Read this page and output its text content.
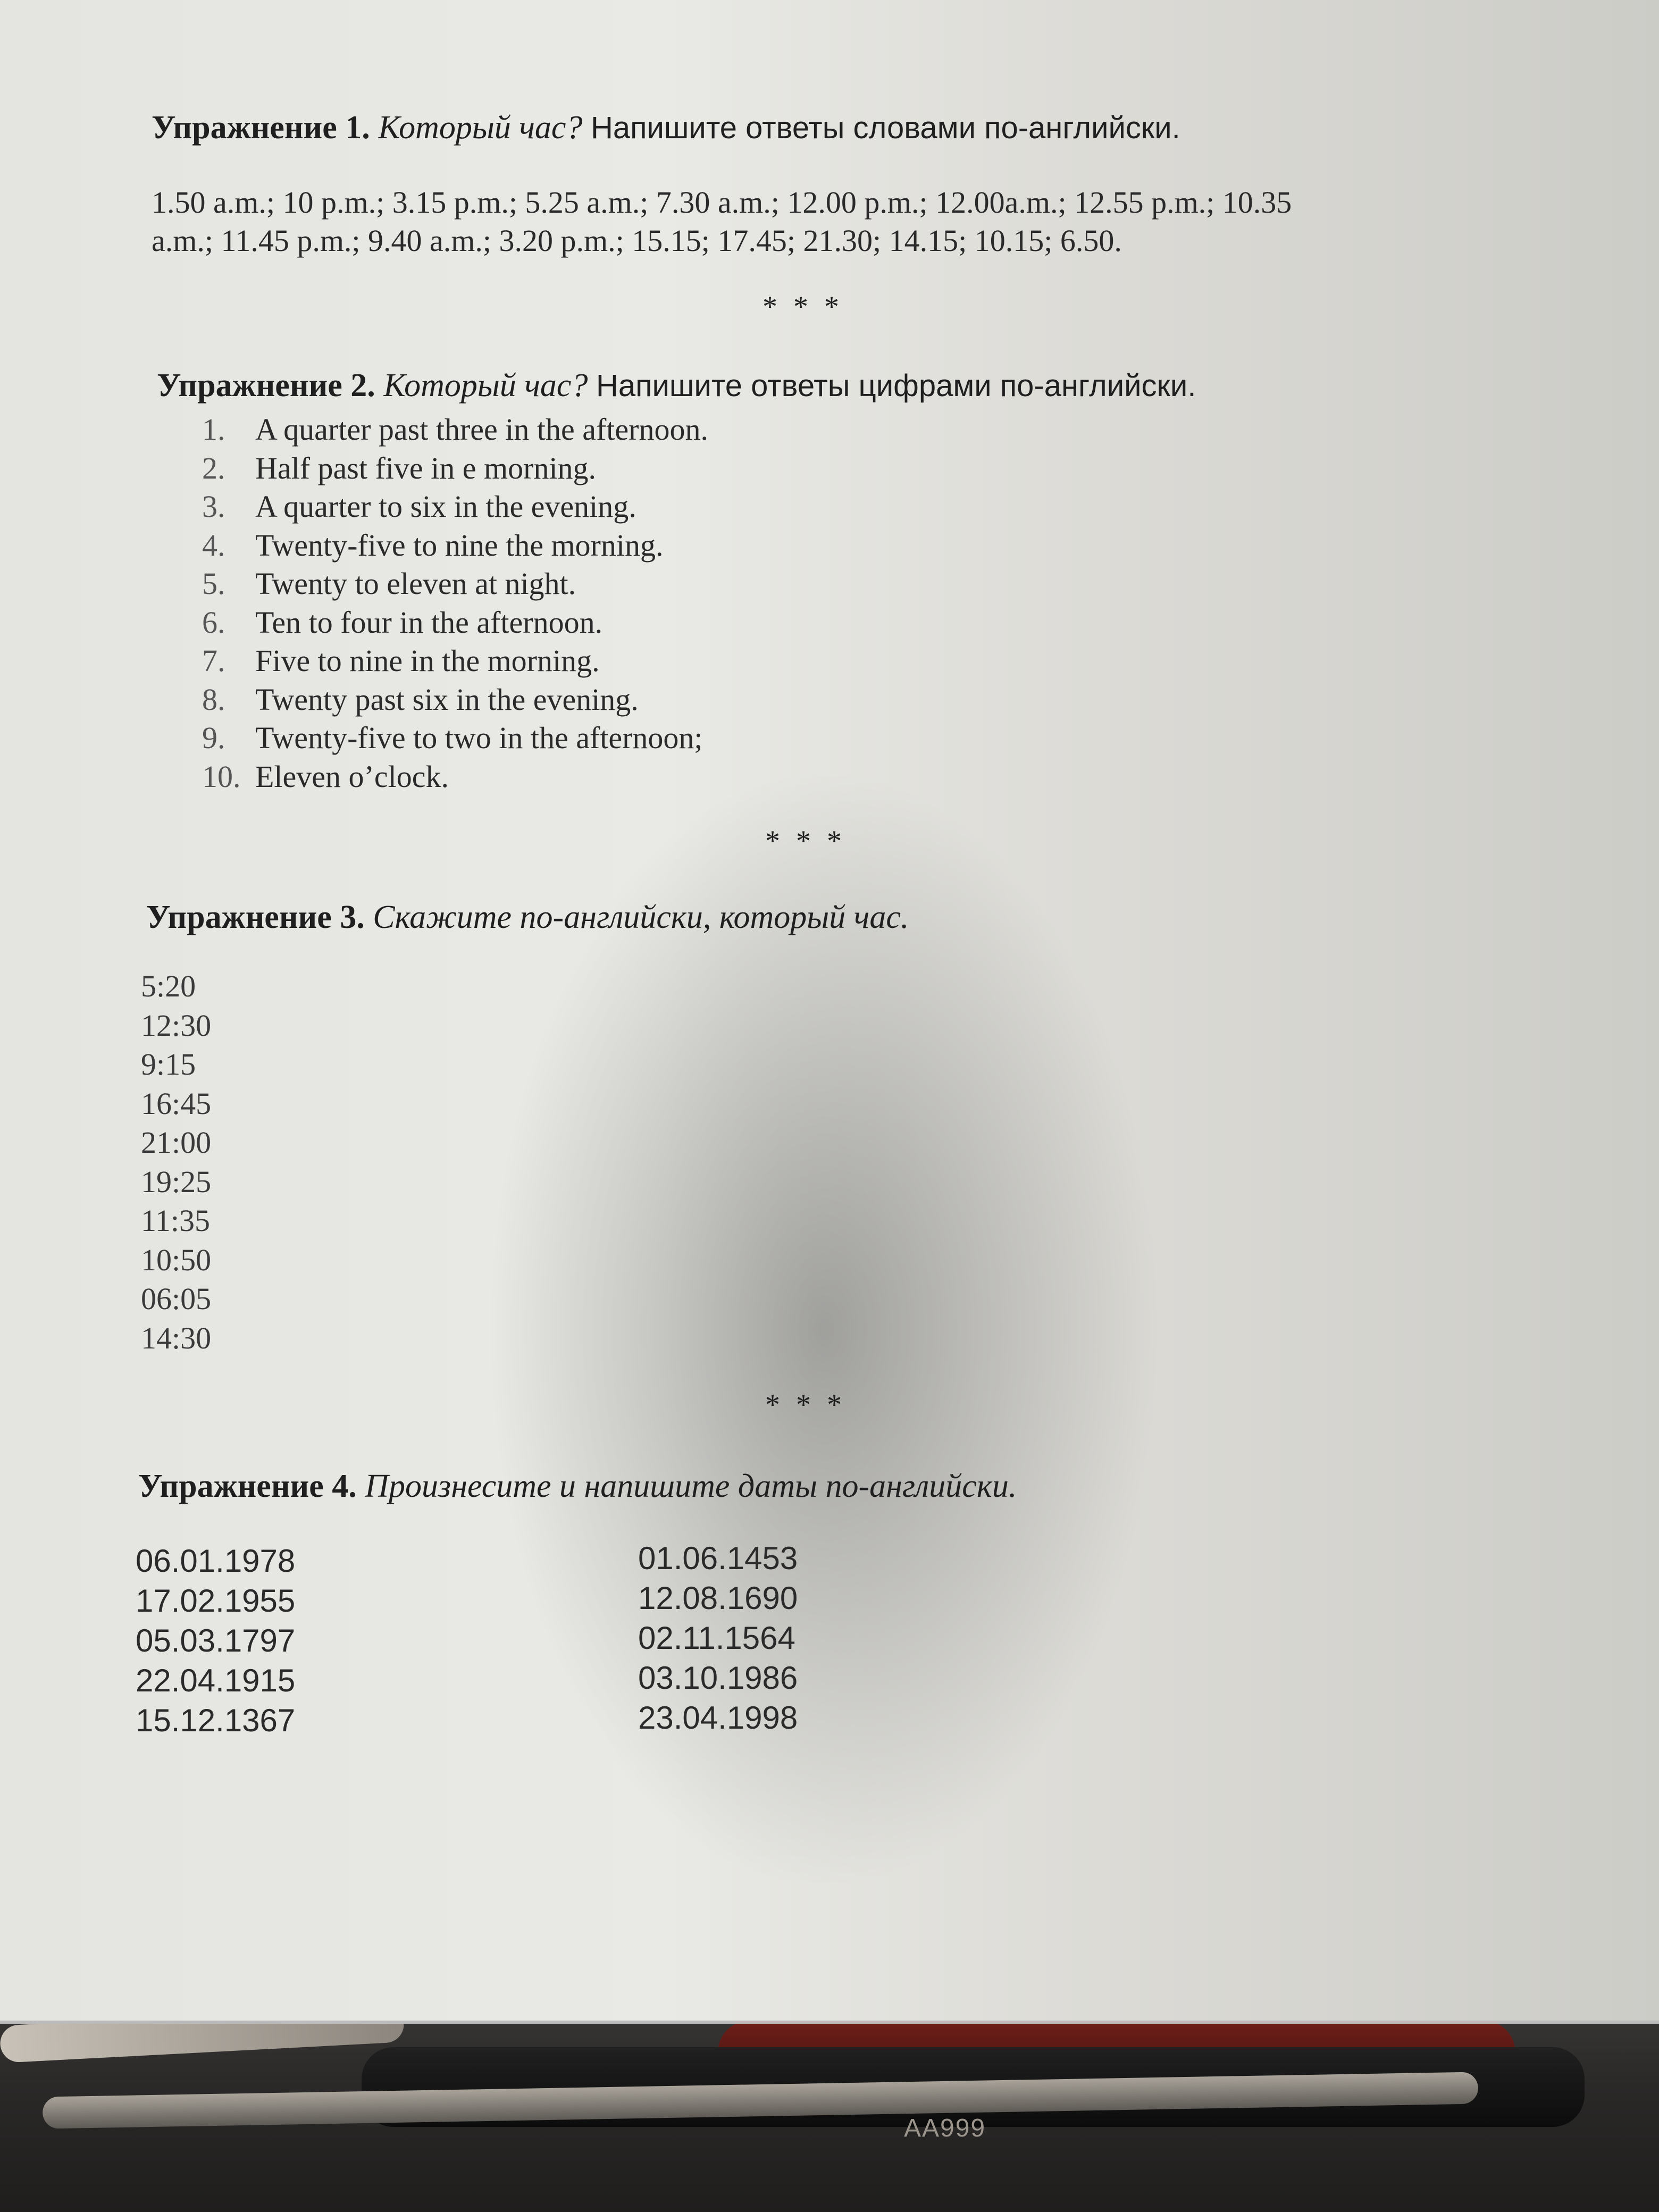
AA999
Упражнение 1. Который час? Напишите ответы словами по-английски.
1.50 a.m.; 10 p.m.; 3.15 p.m.; 5.25 a.m.; 7.30 a.m.; 12.00 p.m.; 12.00a.m.; 12.55 p.m.; 10.35
a.m.; 11.45 p.m.; 9.40 a.m.; 3.20 p.m.; 15.15; 17.45; 21.30; 14.15; 10.15; 6.50.
* * *
Упражнение 2. Который час? Напишите ответы цифрами по-английски.
1. A quarter past three in the afternoon.
2. Half past five in e morning.
3. A quarter to six in the evening.
4. Twenty-five to nine the morning.
5. Twenty to eleven at night.
6. Ten to four in the afternoon.
7. Five to nine in the morning.
8. Twenty past six in the evening.
9. Twenty-five to two in the afternoon;
10. Eleven o’clock.
* * *
Упражнение 3. Скажите по-английски, который час.
5:20
12:30
9:15
16:45
21:00
19:25
11:35
10:50
06:05
14:30
* * *
Упражнение 4. Произнесите и напишите даты по-английски.
06.01.1978
17.02.1955
05.03.1797
22.04.1915
15.12.1367
01.06.1453
12.08.1690
02.11.1564
03.10.1986
23.04.1998
